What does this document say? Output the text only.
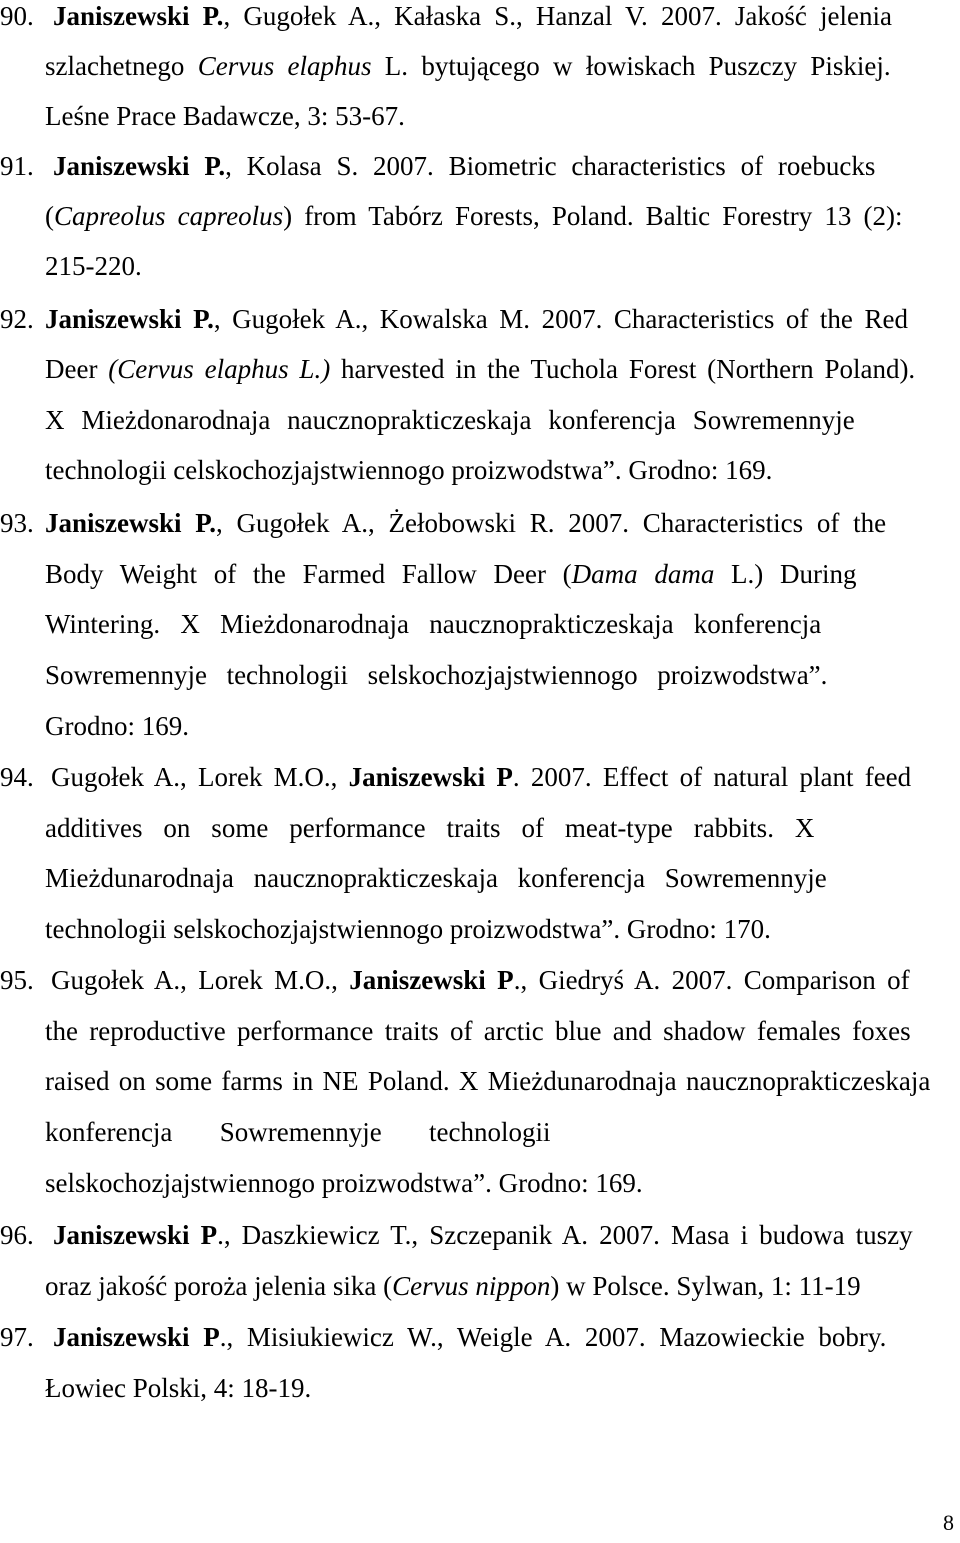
90. Janiszewski P., Gugołek A., Kałaska S., Hanzal V. 2007. Jakość jelenia
szlachetnego Cervus elaphus L. bytującego w łowiskach Puszczy Piskiej.
Leśne Prace Badawcze, 3: 53-67.
91. Janiszewski P., Kolasa S. 2007. Biometric characteristics of roebucks
(Capreolus capreolus) from Tabórz Forests, Poland. Baltic Forestry 13 (2):
215-220.
92. Janiszewski P., Gugołek A., Kowalska M. 2007. Characteristics of the Red
Deer (Cervus elaphus L.) harvested in the Tuchola Forest (Northern Poland).
X Mieżdonarodnaja naucznoprakticzeskaja konferencja Sowremennyje
technologii celskochozjajstwiennogo proizwodstwa”. Grodno: 169.
93. Janiszewski P., Gugołek A., Żełobowski R. 2007. Characteristics of the
Body Weight of the Farmed Fallow Deer (Dama dama L.) During
Wintering. X Mieżdonarodnaja naucznoprakticzeskaja konferencja
Sowremennyje technologii selskochozjajstwiennogo proizwodstwa”.
Grodno: 169.
94. Gugołek A., Lorek M.O., Janiszewski P. 2007. Effect of natural plant feed
additives on some performance traits of meat-type rabbits. X
Mieżdunarodnaja naucznoprakticzeskaja konferencja Sowremennyje
technologii selskochozjajstwiennogo proizwodstwa”. Grodno: 170.
95. Gugołek A., Lorek M.O., Janiszewski P., Giedryś A. 2007. Comparison of
the reproductive performance traits of arctic blue and shadow females foxes
raised on some farms in NE Poland. X Mieżdunarodnaja naucznoprakticzeskaja
konferencja Sowremennyje technologii
selskochozjajstwiennogo proizwodstwa”. Grodno: 169.
96. Janiszewski P., Daszkiewicz T., Szczepanik A. 2007. Masa i budowa tuszy
oraz jakość poroża jelenia sika (Cervus nippon) w Polsce. Sylwan, 1: 11-19
97. Janiszewski P., Misiukiewicz W., Weigle A. 2007. Mazowieckie bobry.
Łowiec Polski, 4: 18-19.
8
